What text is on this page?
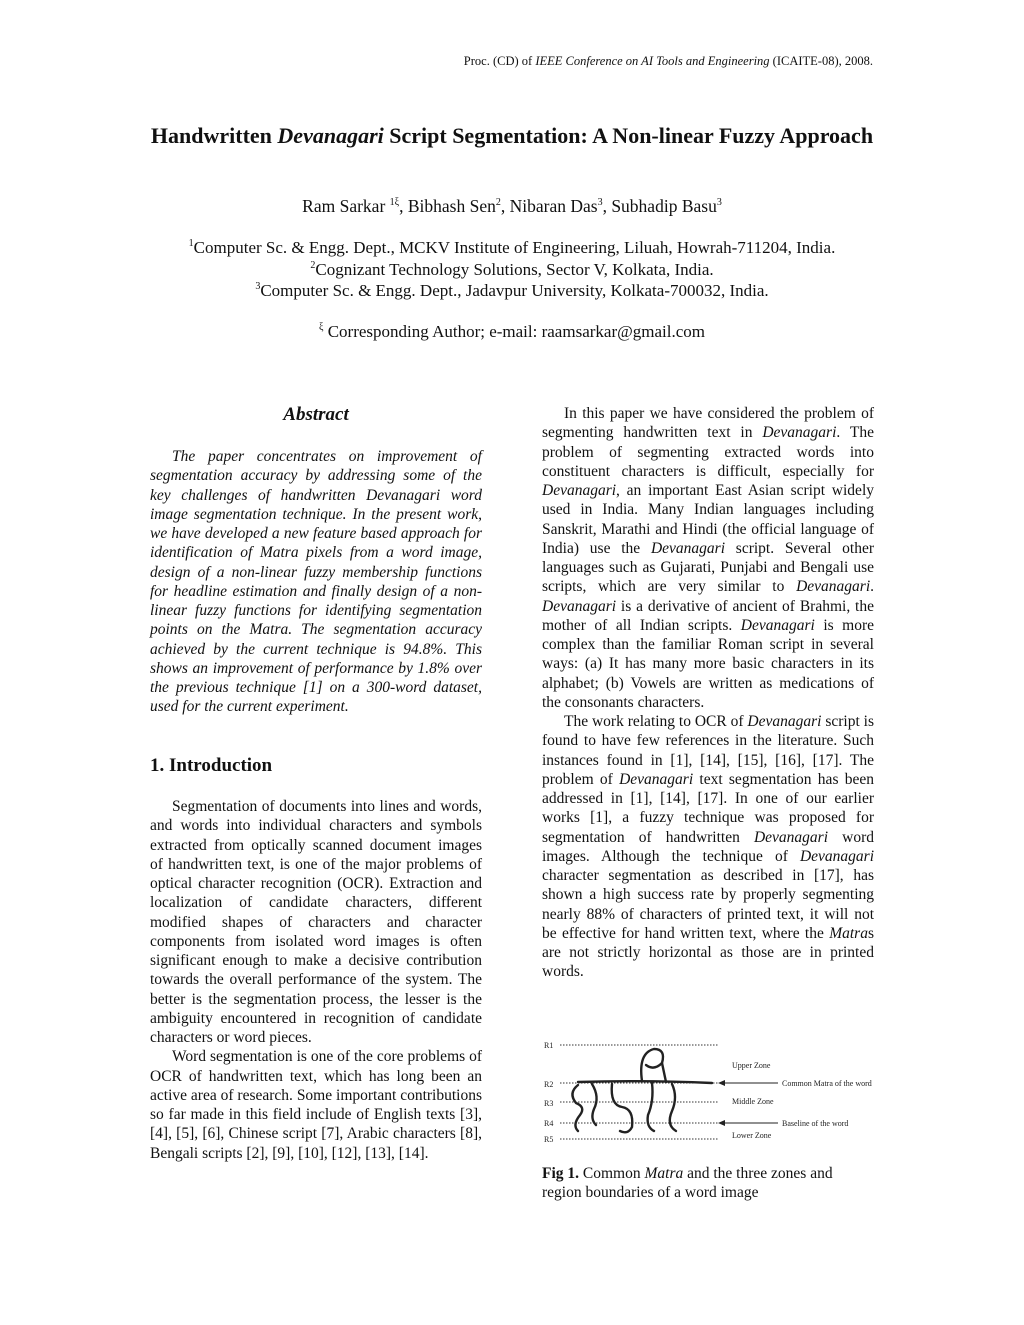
Proc. (CD) of IEEE Conference on AI Tools and Engineering (ICAITE-08), 2008.
Handwritten Devanagari Script Segmentation: A Non-linear Fuzzy Approach
Ram Sarkar $^{1\xi}$, Bibhash Sen$^2$, Nibaran Das$^3$, Subhadip Basu$^3$
$^1$Computer Sc. & Engg. Dept., MCKV Institute of Engineering, Liluah, Howrah-711204, India.
$^2$Cognizant Technology Solutions, Sector V, Kolkata, India.
$^3$Computer Sc. & Engg. Dept., Jadavpur University, Kolkata-700032, India.
$^\xi$ Corresponding Author; e-mail: raamsarkar@gmail.com
Abstract

The paper concentrates on improvement of segmentation accuracy by addressing some of the key challenges of handwritten Devanagari word image segmentation technique. In the present work, we have developed a new feature based approach for identification of Matra pixels from a word image, design of a non-linear fuzzy membership functions for headline estimation and finally design of a non-linear fuzzy functions for identifying segmentation points on the Matra. The segmentation accuracy achieved by the current technique is 94.8%. This shows an improvement of performance by 1.8% over the previous technique [1] on a 300-word dataset, used for the current experiment.

1. Introduction

Segmentation of documents into lines and words, and words into individual characters and symbols extracted from optically scanned document images of handwritten text, is one of the major problems of optical character recognition (OCR). Extraction and localization of candidate characters, different modified shapes of characters and character components from isolated word images is often significant enough to make a decisive contribution towards the overall performance of the system. The better is the segmentation process, the lesser is the ambiguity encountered in recognition of candidate characters or word pieces.

Word segmentation is one of the core problems of OCR of handwritten text, which has long been an active area of research. Some important contributions so far made in this field include of English texts [3], [4], [5], [6], Chinese script [7], Arabic characters [8], Bengali scripts [2], [9], [10], [12], [13], [14].

In this paper we have considered the problem of segmenting handwritten text in Devanagari. The problem of segmenting extracted words into constituent characters is difficult, especially for Devanagari, an important East Asian script widely used in India. Many Indian languages including Sanskrit, Marathi and Hindi (the official language of India) use the Devanagari script. Several other languages such as Gujarati, Punjabi and Bengali use scripts, which are very similar to Devanagari. Devanagari is a derivative of ancient of Brahmi, the mother of all Indian scripts. Devanagari is more complex than the familiar Roman script in several ways: (a) It has many more basic characters in its alphabet; (b) Vowels are written as medications of the consonants characters.

The work relating to OCR of Devanagari script is found to have few references in the literature. Such instances found in [1], [14], [15], [16], [17]. The problem of Devanagari text segmentation has been addressed in [1], [14], [17]. In one of our earlier works [1], a fuzzy technique was proposed for segmentation of handwritten Devanagari word images. Although the technique of Devanagari character segmentation as described in [17], has shown a high success rate by properly segmenting nearly 88% of characters of printed text, it will not be effective for hand written text, where the Matras are not strictly horizontal as those are in printed words.

R1
R2
R3
R4
R5
Upper Zone
Middle Zone
Lower Zone
Common Matra of the word
Baseline of the word
Fig 1. Common Matra and the three zones and region boundaries of a word image
